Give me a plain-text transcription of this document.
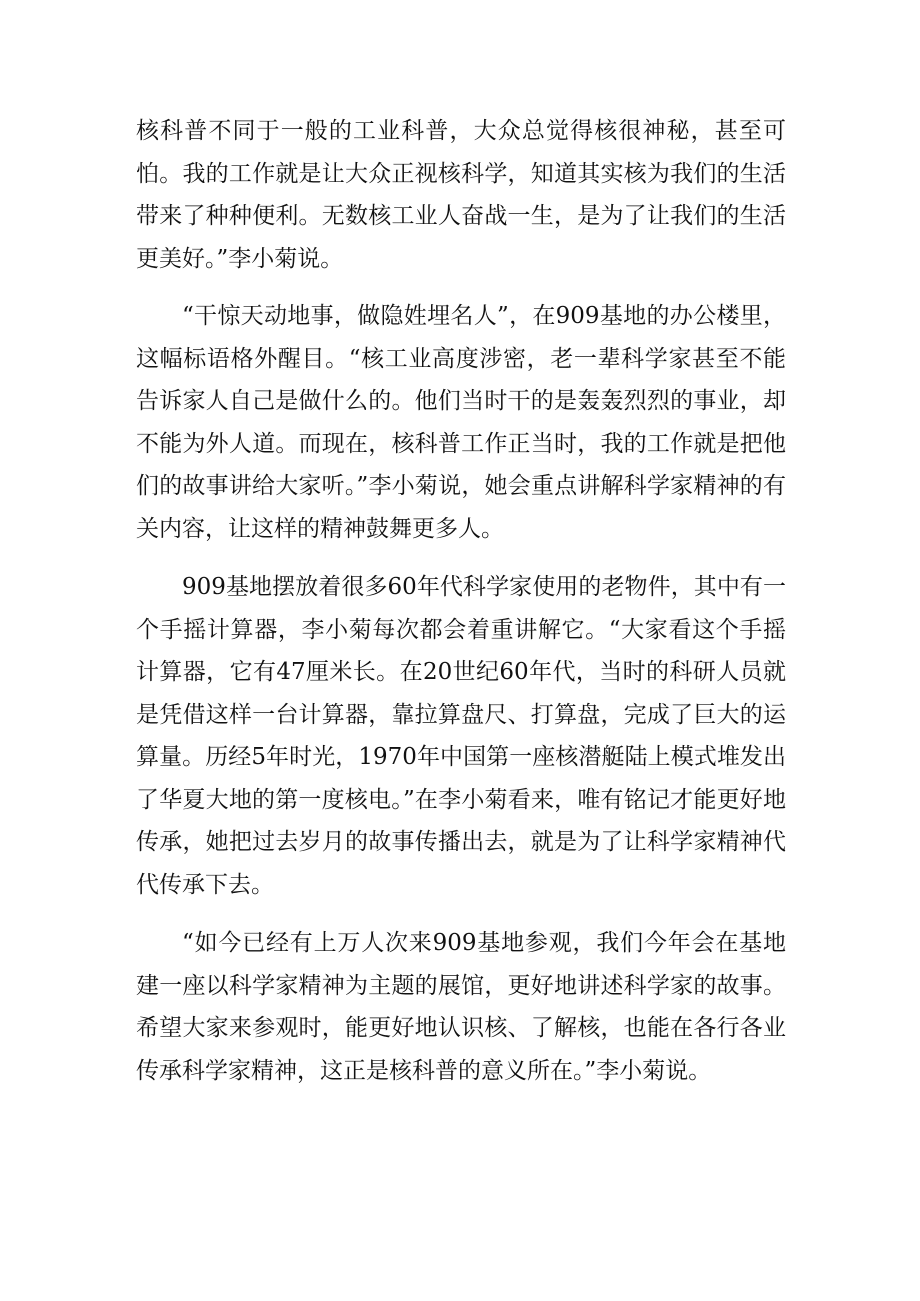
核科普不同于一般的工业科普，大众总觉得核很神秘，甚至可怕。我的工作就是让大众正视核科学，知道其实核为我们的生活带来了种种便利。无数核工业人奋战一生，是为了让我们的生活更美好。”李小菊说。

“干惊天动地事，做隐姓埋名人”，在909基地的办公楼里，这幅标语格外醒目。“核工业高度涉密，老一辈科学家甚至不能告诉家人自己是做什么的。他们当时干的是轰轰烈烈的事业，却不能为外人道。而现在，核科普工作正当时，我的工作就是把他们的故事讲给大家听。”李小菊说，她会重点讲解科学家精神的有关内容，让这样的精神鼓舞更多人。

909基地摆放着很多60年代科学家使用的老物件，其中有一个手摇计算器，李小菊每次都会着重讲解它。“大家看这个手摇计算器，它有47厘米长。在20世纪60年代，当时的科研人员就是凭借这样一台计算器，靠拉算盘尺、打算盘，完成了巨大的运算量。历经5年时光，1970年中国第一座核潜艇陆上模式堆发出了华夏大地的第一度核电。”在李小菊看来，唯有铭记才能更好地传承，她把过去岁月的故事传播出去，就是为了让科学家精神代代传承下去。

“如今已经有上万人次来909基地参观，我们今年会在基地建一座以科学家精神为主题的展馆，更好地讲述科学家的故事。希望大家来参观时，能更好地认识核、了解核，也能在各行各业传承科学家精神，这正是核科普的意义所在。”李小菊说。
